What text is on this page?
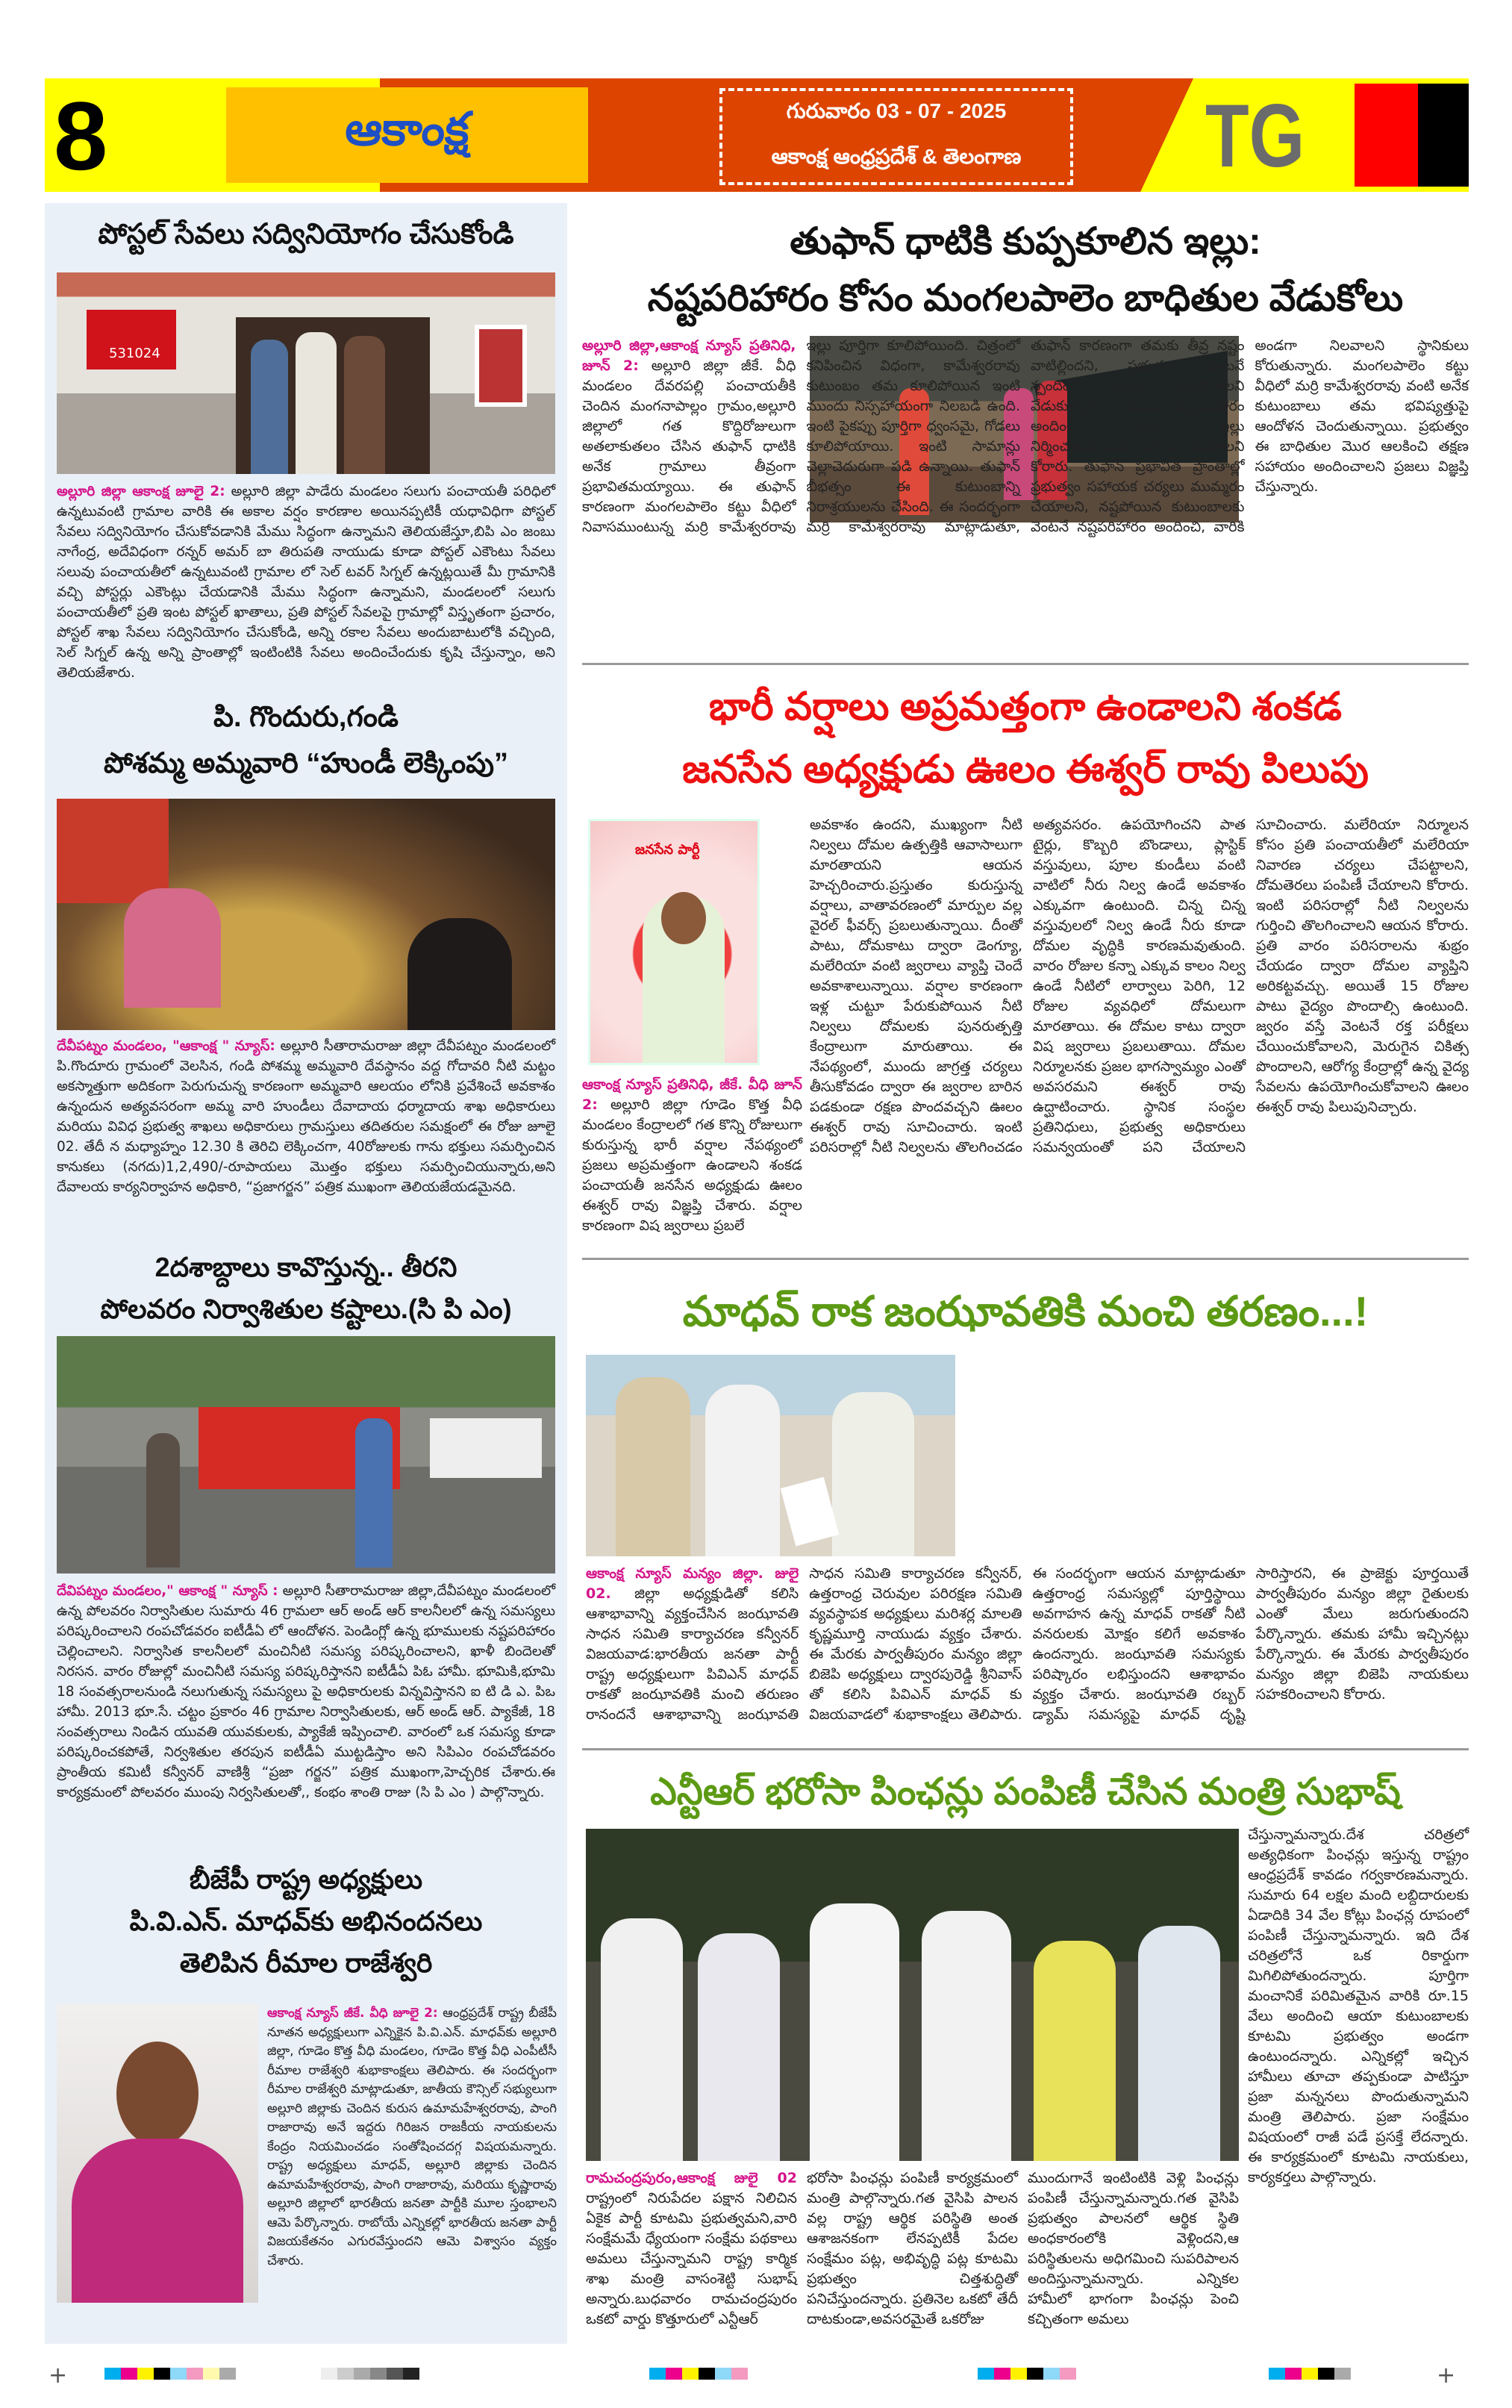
8	ఆకాంక్ష	గురువారం 03 - 07 - 2025
ఆకాంక్ష ఆంధ్రప్రదేశ్ & తెలంగాణ TG
పోస్టల్ సేవలు సద్వినియోగం చేసుకోండి
531024
అల్లూరి జిల్లా ఆకాంక్ష జూలై 2: అల్లూరి జిల్లా పాడేరు మండలం సలుగు పంచాయతీ పరిధిలో ఉన్నటువంటి గ్రామాల వారికి ఈ అకాల వర్షం కారణాల అయినప్పటికీ యధావిధిగా పోస్టల్ సేవలు సద్వినియోగం చేసుకోవడానికి మేము సిద్ధంగా ఉన్నామని తెలియజేస్తూ,బిపి ఎం జంబు నాగేంద్ర, అదేవిధంగా రన్నర్ అమర్ బా తిరుపతి నాయుడు కూడా పోస్టల్ ఎకౌంటు సేవలు సలువు పంచాయతీలో ఉన్నటువంటి గ్రామాల లో సెల్ టవర్ సిగ్నల్ ఉన్నట్లయితే మీ గ్రామానికి వచ్చి పోస్టర్లు ఎకౌంట్లు చేయడానికి మేము సిద్ధంగా ఉన్నామని, మండలంలో సలుగు పంచాయతీలో ప్రతి ఇంట పోస్టల్ ఖాతాలు, ప్రతి పోస్టల్ సేవలపై గ్రామాల్లో విస్తృతంగా ప్రచారం, పోస్టల్ శాఖ సేవలు సద్వినియోగం చేసుకోండి, అన్ని రకాల సేవలు అందుబాటులోకి వచ్చింది, సెల్ సిగ్నల్ ఉన్న అన్ని ప్రాంతాల్లో ఇంటింటికి సేవలు అందించేందుకు కృషి చేస్తున్నాం, అని తెలియజేశారు.
పి. గొందురు,గండి
పోశమ్మ అమ్మవారి “హుండీ లెక్కింపు”
దేవీపట్నం మండలం, "ఆకాంక్ష " న్యూస్: అల్లూరి సీతారామరాజు జిల్లా దేవీపట్నం మండలంలో పి.గొందూరు గ్రామంలో వెలసిన, గండి పోశమ్మ అమ్మవారి దేవస్థానం వద్ద గోదావరి నీటి మట్టం అకస్మాత్తుగా అదికంగా పెరుగుచున్న కారణంగా అమ్మవారి ఆలయం లోనికి ప్రవేశించే అవకాశం ఉన్నందున అత్యవసరంగా అమ్మ వారి హుండీలు దేవాదాయ ధర్మాదాయ శాఖ అధికారులు మరియు వివిధ ప్రభుత్వ శాఖలు అధికారులు గ్రామస్తులు తదితరుల సమక్షంలో ఈ రోజు జూలై 02. తేదీ న మధ్యాహ్నం 12.30 కి తెరిచి లెక్కించగా, 40రోజులకు గాను భక్తులు సమర్పించిన కానుకలు (నగదు)1,2,490/-రూపాయలు మొత్తం భక్తులు సమర్పించియున్నారు,అని దేవాలయ కార్యనిర్వాహన అధికారి, “ప్రజాగర్జన” పత్రిక ముఖంగా తెలియజేయడమైనది.
2దశాబ్దాలు కావొస్తున్న.. తీరని
పోలవరం నిర్వాశితుల కష్టాలు.(సి పి ఎం)
దేవిపట్నం మండలం," ఆకాంక్ష " న్యూస్ : అల్లూరి సీతారామరాజు జిల్లా,దేవీపట్నం మండలంలో ఉన్న పోలవరం నిర్వాసితుల సుమారు 46 గ్రామలా ఆర్ అండ్ ఆర్ కాలనీలలో ఉన్న సమస్యలు పరిష్కరించాలని రంపచోడవరం ఐటీడీఏ లో ఆందోళన. పెండింగ్లో ఉన్న భూములకు నష్టపరిహారం చెల్లించాలని. నిర్వాసిత కాలనీలలో మంచినీటి సమస్య పరిష్కరించాలని, ఖాళీ బిందెలతో నిరసన. వారం రోజుల్లో మంచినీటి సమస్య పరిష్కరిస్తానని ఐటీడీఏ పిఓ హామీ. భూమికి,భూమి 18 సంవత్సరాలనుండి నలుగుతున్న సమస్యలు పై అధికారులకు విన్నవిస్తానని ఐ టి డి ఎ. పిఒ హామీ. 2013 భూ.సే. చట్టం ప్రకారం 46 గ్రామాల నిర్వాసితులకు, ఆర్ అండ్ ఆర్. ప్యాకేజీ, 18 సంవత్సరాలు నిండిన యువతి యువకులకు, ప్యాకేజీ ఇప్పించాలి. వారంలో ఒక సమస్య కూడా పరిష్కరించకపోతే, నిర్వశితుల తరపున ఐటీడీఏ ముట్టడిస్తాం అని సిపిఎం రంపచోడవరం ప్రాంతీయ కమిటీ కన్వీనర్ వాణిశ్రీ “ప్రజా గర్జన” పత్రిక ముఖంగా,హెచ్చరిక చేశారు.ఈ కార్యక్రమంలో పోలవరం ముంపు నిర్వసితులతో,, కంభం శాంతి రాజు (సి పి ఎం ) పాల్గొన్నారు.
బీజేపీ రాష్ట్ర అధ్యక్షులు
పి.వి.ఎన్. మాధవ్‌కు అభినందనలు
తెలిపిన రీమాల రాజేశ్వరి
ఆకాంక్ష న్యూస్ జీకే. వీధి జూలై 2: ఆంధ్రప్రదేశ్ రాష్ట్ర బీజేపీ నూతన అధ్యక్షులుగా ఎన్నికైన పి.వి.ఎన్. మాధవ్‌కు అల్లూరి జిల్లా, గూడెం కొత్త వీధి మండలం, గూడెం కొత్త వీధి ఎంపీటీసీ రీమాల రాజేశ్వరి శుభాకాంక్షలు తెలిపారు. ఈ సందర్భంగా రీమాల రాజేశ్వరి మాట్లాడుతూ, జాతీయ కౌన్సిల్ సభ్యులుగా అల్లూరి జిల్లాకు చెందిన కురుస ఉమామహేశ్వరరావు, పాంగి రాజారావు అనే ఇద్దరు గిరిజన రాజకీయ నాయకులను కేంద్రం నియమించడం సంతోషించదగ్గ విషయమన్నారు. రాష్ట్ర అధ్యక్షులు మాధవ్, అల్లూరి జిల్లాకు చెందిన ఉమామహేశ్వరరావు, పాంగి రాజారావు, మరియు కృష్ణారావు అల్లూరి జిల్లాలో భారతీయ జనతా పార్టీకి మూల స్తంభాలని ఆమె పేర్కొన్నారు. రాబోయే ఎన్నికల్లో భారతీయ జనతా పార్టీ విజయకేతనం ఎగురవేస్తుందని ఆమె విశ్వాసం వ్యక్తం చేశారు.
తుఫాన్ ధాటికి కుప్పకూలిన ఇల్లు:
నష్టపరిహారం కోసం మంగలపాలెం బాధితుల వేడుకోలు
అల్లూరి జిల్లా,ఆకాంక్ష న్యూస్ ప్రతినిధి, జూన్ 2: అల్లూరి జిల్లా జీకే. వీధి మండలం దేవరపల్లి పంచాయతీకి చెందిన మంగనాపాల్లం గ్రామం,అల్లూరి జిల్లాలో గత కొద్దిరోజులుగా అతలాకుతలం చేసిన తుఫాన్ ధాటికి అనేక గ్రామాలు తీవ్రంగా ప్రభావితమయ్యాయి. ఈ తుఫాన్ కారణంగా మంగలపాలెం కట్టు వీధిలో నివాసముంటున్న మర్రి కామేశ్వరరావు ఇల్లు పూర్తిగా కూలిపోయింది. చిత్రంలో కనిపించిన విధంగా, కామేశ్వరరావు కుటుంబం తమ కూలిపోయిన ఇంటి ముందు నిస్సహాయంగా నిలబడి ఉంది. ఇంటి పైకప్పు పూర్తిగా ధ్వంసమై, గోడలు కూలిపోయాయి. ఇంటి సామాన్లు చెల్లాచెదురుగా పడి ఉన్నాయి. తుఫాన్ బీభత్సం ఈ కుటుంబాన్ని నిరాశ్రయులను చేసింది. ఈ సందర్భంగా మర్రి కామేశ్వరరావు మాట్లాడుతూ, తుఫాన్ కారణంగా తమకు తీవ్ర నష్టం వాటిల్లిందని, ప్రభుత్వం వెంటనే స్పందించి తమను ఆదుకోవాలని వేడుకున్నారు. తమకు నష్టపరిహారం అందించి, తిరిగి ఇల్లు నిర్మించుకునేందుకు సహాయం చేయాలని కోరారు. తుఫాన్ ప్రభావిత ప్రాంతాల్లో ప్రభుత్వం సహాయక చర్యలు ముమ్మరం చేయాలని, నష్టపోయిన కుటుంబాలకు వెంటనే నష్టపరిహారం అందించి, వారికి అండగా నిలవాలని స్థానికులు కోరుతున్నారు. మంగలపాలెం కట్టు వీధిలో మర్రి కామేశ్వరరావు వంటి అనేక కుటుంబాలు తమ భవిష్యత్తుపై ఆందోళన చెందుతున్నాయి. ప్రభుత్వం ఈ బాధితుల మొర ఆలకించి తక్షణ సహాయం అందించాలని ప్రజలు విజ్ఞప్తి చేస్తున్నారు.
భారీ వర్షాలు అప్రమత్తంగా ఉండాలని శంకడ
జనసేన అధ్యక్షుడు ఊలం ఈశ్వర్ రావు పిలుపు
జనసేన పార్టీ
ఆకాంక్ష న్యూస్ ప్రతినిధి, జీకే. వీధి జూన్ 2: అల్లూరి జిల్లా గూడెం కొత్త వీధి మండలం కేంద్రాలలో గత కొన్ని రోజులుగా కురుస్తున్న భారీ వర్షాల నేపథ్యంలో ప్రజలు అప్రమత్తంగా ఉండాలని శంకడ పంచాయతీ జనసేన అధ్యక్షుడు ఊలం ఈశ్వర్ రావు విజ్ఞప్తి చేశారు. వర్షాల కారణంగా విష జ్వరాలు ప్రబలే
అవకాశం ఉందని, ముఖ్యంగా నీటి నిల్వలు దోమల ఉత్పత్తికి ఆవాసాలుగా మారతాయని ఆయన హెచ్చరించారు.ప్రస్తుతం కురుస్తున్న వర్షాలు, వాతావరణంలో మార్పుల వల్ల వైరల్ ఫీవర్స్ ప్రబలుతున్నాయి. దీంతో పాటు, దోమకాటు ద్వారా డెంగ్యూ, మలేరియా వంటి జ్వరాలు వ్యాప్తి చెందే అవకాశాలున్నాయి. వర్షాల కారణంగా ఇళ్ల చుట్టూ పేరుకుపోయిన నీటి నిల్వలు దోమలకు పునరుత్పత్తి కేంద్రాలుగా మారుతాయి. ఈ నేపథ్యంలో, ముందు జాగ్రత్త చర్యలు తీసుకోవడం ద్వారా ఈ జ్వరాల బారిన పడకుండా రక్షణ పొందవచ్చని ఊలం ఈశ్వర్ రావు సూచించారు. ఇంటి పరిసరాల్లో నీటి నిల్వలను తొలగించడం అత్యవసరం. ఉపయోగించని పాత టైర్లు, కొబ్బరి బొండాలు, ప్లాస్టిక్ వస్తువులు, పూల కుండీలు వంటి వాటిలో నీరు నిల్వ ఉండే అవకాశం ఎక్కువగా ఉంటుంది. చిన్న చిన్న వస్తువులలో నిల్వ ఉండే నీరు కూడా దోమల వృద్ధికి కారణమవుతుంది. వారం రోజుల కన్నా ఎక్కువ కాలం నిల్వ ఉండే నీటిలో లార్వాలు పెరిగి, 12 రోజుల వ్యవధిలో దోమలుగా మారతాయి. ఈ దోమల కాటు ద్వారా విష జ్వరాలు ప్రబలుతాయి. దోమల నిర్మూలనకు ప్రజల భాగస్వామ్యం ఎంతో అవసరమని ఈశ్వర్ రావు ఉద్ఘాటించారు. స్థానిక సంస్థల ప్రతినిధులు, ప్రభుత్వ అధికారులు సమన్వయంతో పని చేయాలని సూచించారు. మలేరియా నిర్మూలన కోసం ప్రతి పంచాయతీలో మలేరియా నివారణ చర్యలు చేపట్టాలని, దోమతెరలు పంపిణీ చేయాలని కోరారు. ఇంటి పరిసరాల్లో నీటి నిల్వలను గుర్తించి తొలగించాలని ఆయన కోరారు. ప్రతి వారం పరిసరాలను శుభ్రం చేయడం ద్వారా దోమల వ్యాప్తిని అరికట్టవచ్చు. అయితే 15 రోజుల పాటు వైద్యం పొందాల్సి ఉంటుంది. జ్వరం వస్తే వెంటనే రక్త పరీక్షలు చేయించుకోవాలని, మెరుగైన చికిత్స పొందాలని, ఆరోగ్య కేంద్రాల్లో ఉన్న వైద్య సేవలను ఉపయోగించుకోవాలని ఊలం ఈశ్వర్ రావు పిలుపునిచ్చారు.
మాధవ్ రాక జంఝావతికి మంచి తరణం...!
ఆకాంక్ష న్యూస్ మన్యం జిల్లా. జులై 02. జిల్లా అధ్యక్షుడితో కలిసి ఆశాభావాన్ని వ్యక్తంచేసిన జంఝావతి సాధన సమితి కార్యాచరణ కన్వీనర్ విజయవాడ:భారతీయ జనతా పార్టీ రాష్ట్ర అధ్యక్షులుగా పివిఎన్ మాధవ్ రాకతో జంఝావతికి మంచి తరుణం రానందనే ఆశాభావాన్ని జంఝావతి సాధన సమితి కార్యాచరణ కన్వీనర్, ఉత్తరాంధ్ర చెరువుల పరిరక్షణ సమితి వ్యవస్థాపక అధ్యక్షులు మరిశర్ల మాలతి కృష్ణమూర్తి నాయుడు వ్యక్తం చేశారు. ఈ మేరకు పార్వతీపురం మన్యం జిల్లా బిజెపి అధ్యక్షులు ద్వారపురెడ్డి శ్రీనివాస్ తో కలిసి పివిఎన్ మాధవ్ కు విజయవాడలో శుభాకాంక్షలు తెలిపారు. ఈ సందర్భంగా ఆయన మాట్లాడుతూ ఉత్తరాంధ్ర సమస్యల్లో పూర్తిస్థాయి అవగాహన ఉన్న మాధవ్ రాకతో నీటి వనరులకు మోక్షం కలిగే అవకాశం ఉందన్నారు. జంఝావతి సమస్యకు పరిష్కారం లభిస్తుందని ఆశాభావం వ్యక్తం చేశారు. జంఝావతి రబ్బర్ డ్యామ్ సమస్యపై మాధవ్ దృష్టి సారిస్తారని, ఈ ప్రాజెక్టు పూర్తయితే పార్వతీపురం మన్యం జిల్లా రైతులకు ఎంతో మేలు జరుగుతుందని పేర్కొన్నారు. తమకు హామీ ఇచ్చినట్లు పేర్కొన్నారు. ఈ మేరకు పార్వతీపురం మన్యం జిల్లా బిజెపి నాయకులు సహకరించాలని కోరారు.
ఎన్టీఆర్ భరోసా పింఛన్లు పంపిణీ చేసిన మంత్రి సుభాష్
రామచంద్రపురం,ఆకాంక్ష జులై 02 రాష్ట్రంలో నిరుపేదల పక్షాన నిలిచిన ఏకైక పార్టీ కూటమి ప్రభుత్వమని,వారి సంక్షేమమే ధ్యేయంగా సంక్షేమ పథకాలు అమలు చేస్తున్నామని రాష్ట్ర కార్మిక శాఖ మంత్రి వాసంశెట్టి సుభాష్ అన్నారు.బుధవారం రామచంద్రపురం ఒకటో వార్డు కొత్తూరులో ఎన్టీఆర్
భరోసా పింఛన్లు పంపిణీ కార్యక్రమంలో మంత్రి పాల్గొన్నారు.గత వైసిపి పాలన వల్ల రాష్ట్ర ఆర్థిక పరిస్థితి అంత ఆశాజనకంగా లేనప్పటికీ పేదల సంక్షేమం పట్ల, అభివృద్ధి పట్ల కూటమి ప్రభుత్వం చిత్తశుద్ధితో పనిచేస్తుందన్నారు. ప్రతినెల ఒకటో తేదీ దాటకుండా,అవసరమైతే ఒకరోజు
ముందుగానే ఇంటింటికి వెళ్లి పింఛన్లు పంపిణీ చేస్తున్నామన్నారు.గత వైసిపి ప్రభుత్వం పాలనలో ఆర్థిక స్థితి అంధకారంలోకి వెళ్లిందని,ఆ పరిస్థితులను అధిగమించి సుపరిపాలన అందిస్తున్నామన్నారు. ఎన్నికల హామీలో భాగంగా పింఛన్లు పెంచి కచ్చితంగా అమలు
చేస్తున్నామన్నారు.దేశ చరిత్రలో అత్యధికంగా పింఛన్లు ఇస్తున్న రాష్ట్రం ఆంధ్రప్రదేశ్ కావడం గర్వకారణమన్నారు. సుమారు 64 లక్షల మంది లబ్దిదారులకు ఏడాదికి 34 వేల కోట్లు పింఛన్ల రూపంలో పంపిణీ చేస్తున్నామన్నారు. ఇది దేశ చరిత్రలోనే ఒక రికార్డుగా మిగిలిపోతుందన్నారు. పూర్తిగా మంచానికే పరిమితమైన వారికి రూ.15 వేలు అందించి ఆయా కుటుంబాలకు కూటమి ప్రభుత్వం అండగా ఉంటుందన్నారు. ఎన్నికల్లో ఇచ్చిన హామీలు తూచా తప్పకుండా పాటిస్తూ ప్రజా మన్ననలు పొందుతున్నామని మంత్రి తెలిపారు. ప్రజా సంక్షేమం విషయంలో రాజీ పడే ప్రసక్తే లేదన్నారు. ఈ కార్యక్రమంలో కూటమి నాయకులు, కార్యకర్తలు పాల్గొన్నారు.
+	+
